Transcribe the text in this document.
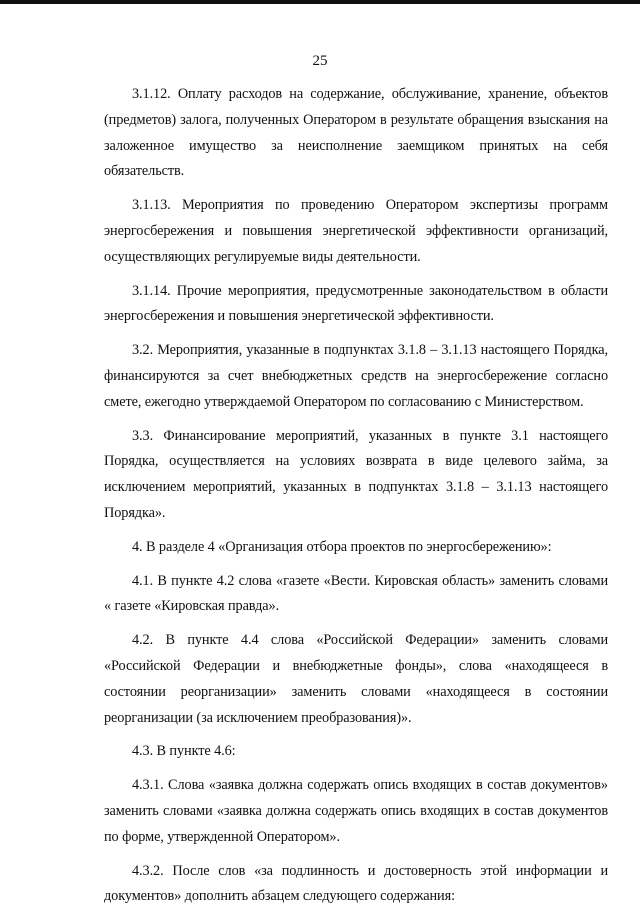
25

3.1.12. Оплату расходов на содержание, обслуживание, хранение, объектов (предметов) залога, полученных Оператором в результате обращения взыскания на заложенное имущество за неисполнение заемщиком принятых на себя обязательств.

3.1.13. Мероприятия по проведению Оператором экспертизы программ энергосбережения и повышения энергетической эффективности организаций, осуществляющих регулируемые виды деятельности.

3.1.14. Прочие мероприятия, предусмотренные законодательством в области энергосбережения и повышения энергетической эффективности.

3.2. Мероприятия, указанные в подпунктах 3.1.8 – 3.1.13 настоящего Порядка, финансируются за счет внебюджетных средств на энергосбережение согласно смете, ежегодно утверждаемой Оператором по согласованию с Министерством.

3.3. Финансирование мероприятий, указанных в пункте 3.1 настоящего Порядка, осуществляется на условиях возврата в виде целевого займа, за исключением мероприятий, указанных в подпунктах 3.1.8 – 3.1.13 настоящего Порядка».

4. В разделе 4 «Организация отбора проектов по энергосбережению»:

4.1. В пункте 4.2 слова «газете «Вести. Кировская область» заменить словами « газете «Кировская правда».

4.2. В пункте 4.4 слова «Российской Федерации» заменить словами «Российской Федерации и внебюджетные фонды», слова «находящееся в состоянии реорганизации» заменить словами «находящееся в состоянии реорганизации (за исключением преобразования)».

4.3. В пункте 4.6:

4.3.1. Слова «заявка должна содержать опись входящих в состав документов» заменить словами «заявка должна содержать опись входящих в состав документов по форме, утвержденной Оператором».

4.3.2. После слов «за подлинность и достоверность этой информации и документов» дополнить абзацем следующего содержания:
